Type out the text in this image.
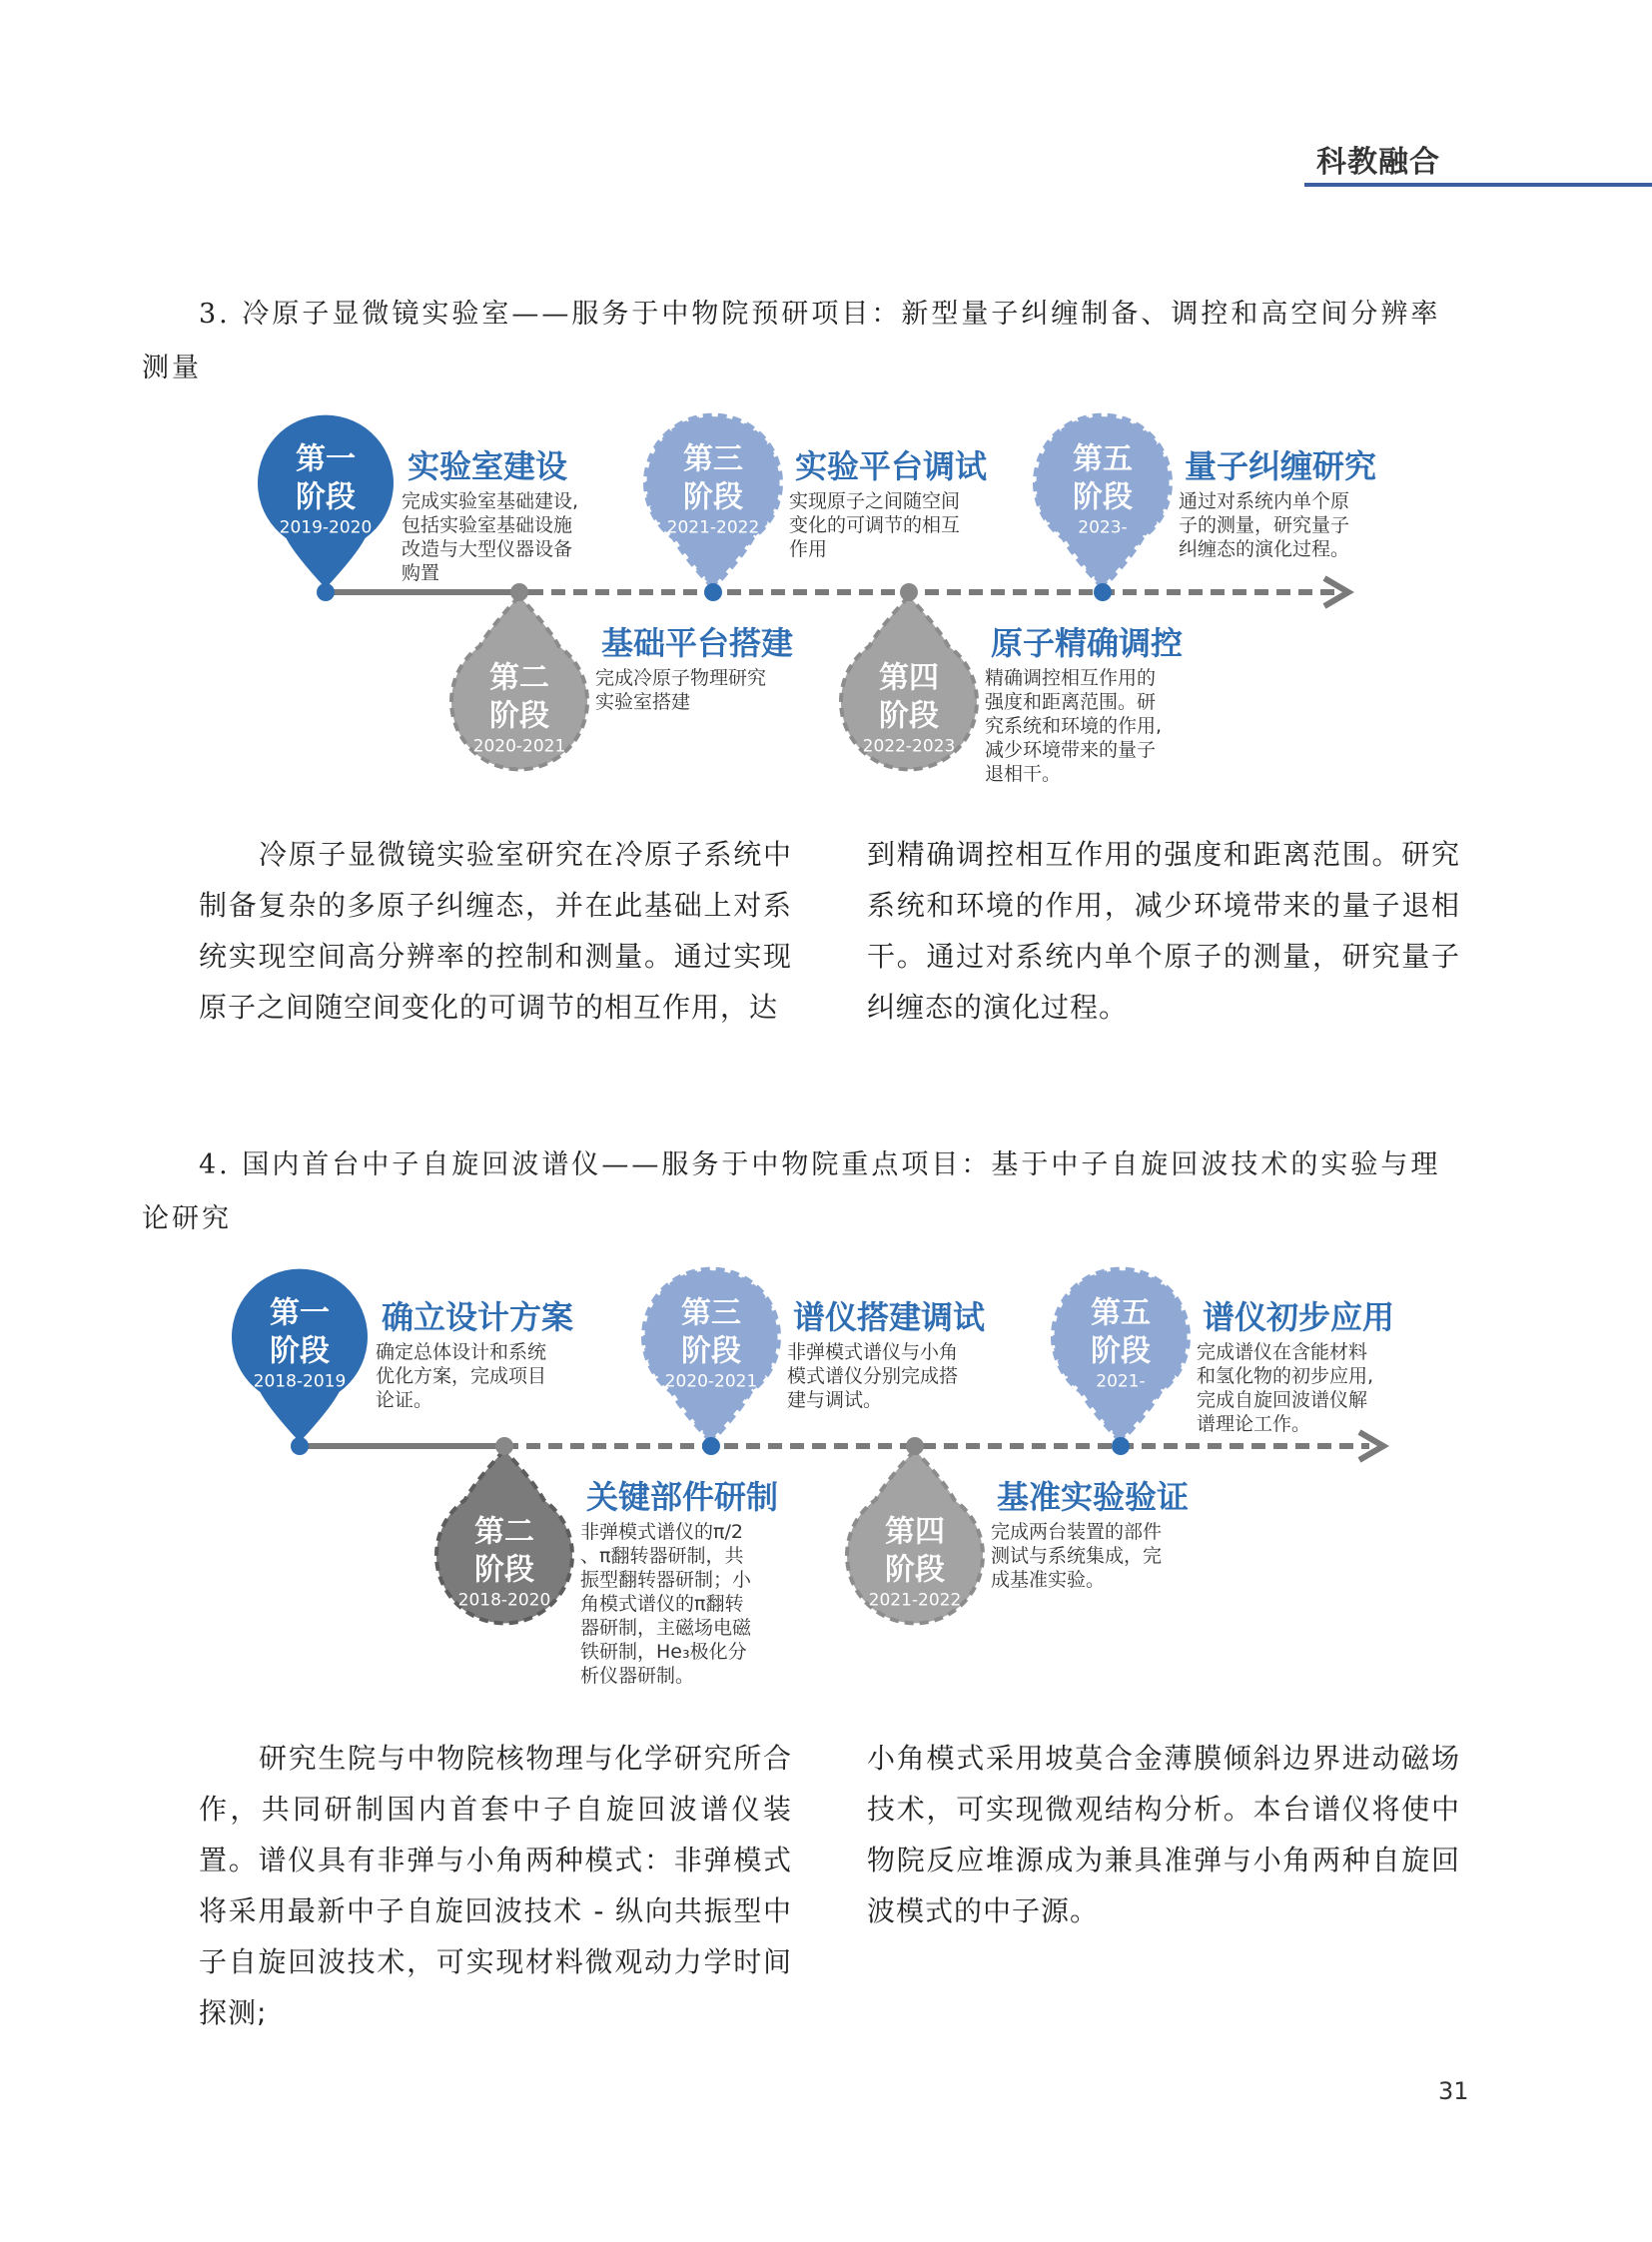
科教融合
3. 冷原子显微镜实验室——服务于中物院预研项目：新型量子纠缠制备、调控和高空间分辨率测量
第一
阶段
2019-2020
实验室建设
完成实验室基础建设,
包括实验室基础设施
改造与大型仪器设备
购置
第二
阶段
2020-2021
基础平台搭建
完成冷原子物理研究
实验室搭建
第三
阶段
2021-2022
实验平台调试
实现原子之间随空间
变化的可调节的相互
作用
第四
阶段
2022-2023
原子精确调控
精确调控相互作用的
强度和距离范围。研
究系统和环境的作用,
减少环境带来的量子
退相干。
第五
阶段
2023-
量子纠缠研究
通过对系统内单个原
子的测量，研究量子
纠缠态的演化过程。
冷原子显微镜实验室研究在冷原子系统中制备复杂的多原子纠缠态，并在此基础上对系统实现空间高分辨率的控制和测量。通过实现原子之间随空间变化的可调节的相互作用，达
到精确调控相互作用的强度和距离范围。研究系统和环境的作用，减少环境带来的量子退相干。通过对系统内单个原子的测量，研究量子纠缠态的演化过程。
4. 国内首台中子自旋回波谱仪——服务于中物院重点项目：基于中子自旋回波技术的实验与理论研究
第一
阶段
2018-2019
确立设计方案
确定总体设计和系统
优化方案，完成项目
论证。
第二
阶段
2018-2020
关键部件研制
非弹模式谱仪的π/2
、π翻转器研制，共
振型翻转器研制；小
角模式谱仪的π翻转
器研制，主磁场电磁
铁研制，He₃极化分
析仪器研制。
第三
阶段
2020-2021
谱仪搭建调试
非弹模式谱仪与小角
模式谱仪分别完成搭
建与调试。
第四
阶段
2021-2022
基准实验验证
完成两台装置的部件
测试与系统集成，完
成基准实验。
第五
阶段
2021-
谱仪初步应用
完成谱仪在含能材料
和氢化物的初步应用,
完成自旋回波谱仪解
谱理论工作。
研究生院与中物院核物理与化学研究所合作，共同研制国内首套中子自旋回波谱仪装置。谱仪具有非弹与小角两种模式：非弹模式将采用最新中子自旋回波技术 - 纵向共振型中子自旋回波技术，可实现材料微观动力学时间探测;
小角模式采用坡莫合金薄膜倾斜边界进动磁场技术，可实现微观结构分析。本台谱仪将使中物院反应堆源成为兼具准弹与小角两种自旋回波模式的中子源。
31
